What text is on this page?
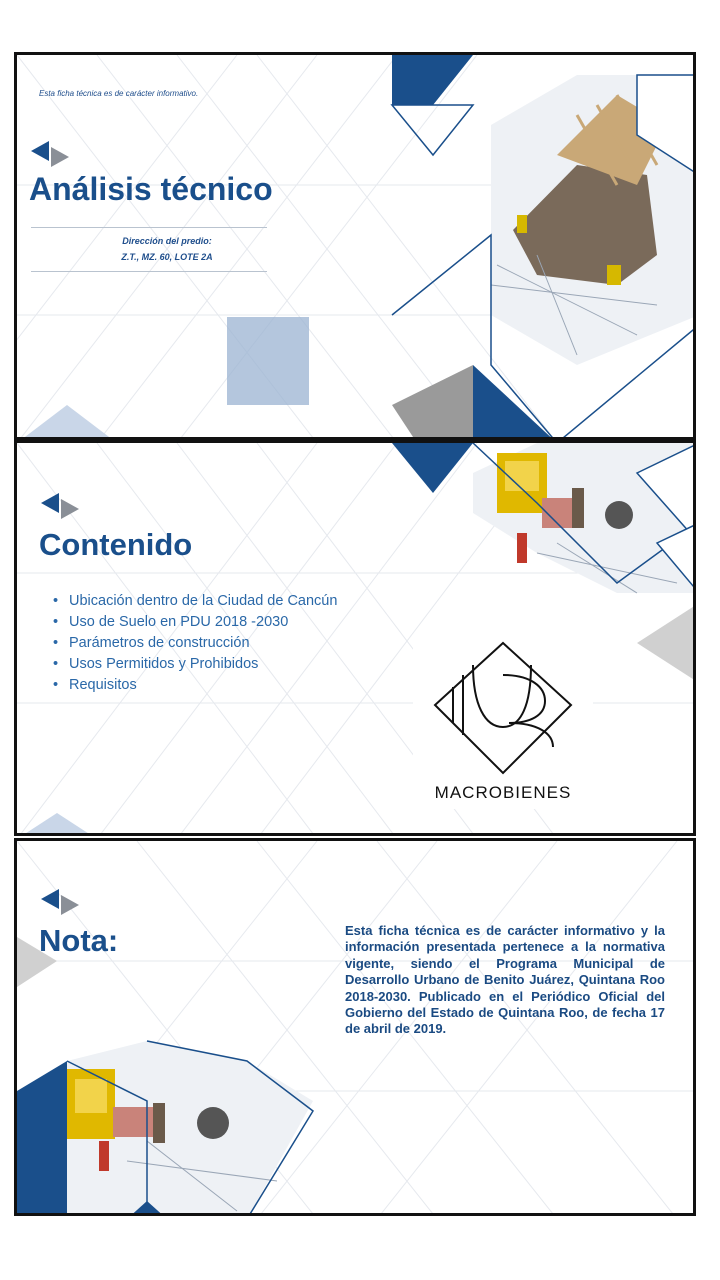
Esta ficha técnica es de carácter informativo.
Análisis técnico
Dirección del predio:
Z.T., MZ. 60, LOTE 2A
Contenido
• Ubicación dentro de la Ciudad de Cancún
• Uso de Suelo en PDU 2018 -2030
• Parámetros de construcción
• Usos Permitidos y Prohibidos
• Requisitos
MACROBIENES
Nota:	Esta ficha técnica es de carácter informativo y la información presentada pertenece a la normativa vigente, siendo el Programa Municipal de Desarrollo Urbano de Benito Juárez, Quintana Roo 2018-2030. Publicado en el Periódico Oficial del Gobierno del Estado de Quintana Roo, de fecha 17 de abril de 2019.
